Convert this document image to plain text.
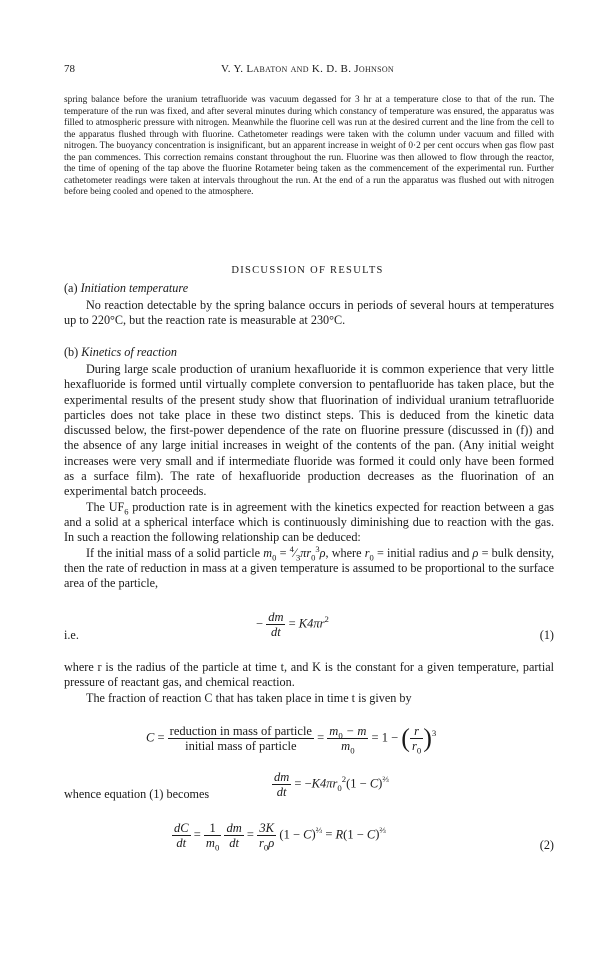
78	V. Y. Labaton and K. D. B. Johnson
spring balance before the uranium tetrafluoride was vacuum degassed for 3 hr at a temperature close to that of the run. The temperature of the run was fixed, and after several minutes during which constancy of temperature was ensured, the apparatus was filled to atmospheric pressure with nitrogen. Meanwhile the fluorine cell was run at the desired current and the line from the cell to the apparatus flushed through with fluorine. Cathetometer readings were taken with the column under vacuum and filled with nitrogen. The buoyancy concentration is insignificant, but an apparent increase in weight of 0·2 per cent occurs when gas flow past the pan commences. This correction remains constant throughout the run. Fluorine was then allowed to flow through the reactor, the time of opening of the tap above the fluorine Rotameter being taken as the commencement of the experimental run. Further cathetometer readings were taken at intervals throughout the run. At the end of a run the apparatus was flushed out with nitrogen before being cooled and opened to the atmosphere.
DISCUSSION OF RESULTS
(a) Initiation temperature

No reaction detectable by the spring balance occurs in periods of several hours at temperatures up to 220°C, but the reaction rate is measurable at 230°C.

(b) Kinetics of reaction

During large scale production of uranium hexafluoride it is common experience that very little hexafluoride is formed until virtually complete conversion to pentafluoride has taken place, but the experimental results of the present study show that fluorination of individual uranium tetrafluoride particles does not take place in these two distinct steps. This is deduced from the kinetic data discussed below, the first-power dependence of the rate on fluorine pressure (discussed in (f)) and the absence of any large initial increases in weight of the contents of the pan. (Any initial weight increases were very small and if intermediate fluoride was formed it could only have been formed as a surface film). The rate of hexafluoride production decreases as the fluorination of an experimental batch proceeds.

The $UF_6$ production rate is in agreement with the kinetics expected for reaction between a gas and a solid at a spherical interface which is continuously diminishing due to reaction with the gas. In such a reaction the following relationship can be deduced:

If the initial mass of a solid particle $m_0$ = $^4⁄_3\pi r_0^3\rho$, where $r_0$ = initial radius and ρ = bulk density, then the rate of reduction in mass at a given temperature is assumed to be proportional to the surface area of the particle,

i.e.
− $\frac{dm}{dt} = K4\pi r^2$
(1)

where r is the radius of the particle at time t, and K is the constant for a given temperature, partial pressure of reactant gas, and chemical reaction.

The fraction of reaction C that has taken place in time t is given by

$C = \frac{\text{reduction in mass of particle}}{\text{initial mass of particle}} = \frac{m_0 - m}{m_0} = 1$ − ( $\frac{r}{r_0} )^3$
whence equation (1) becomes	$\frac{dm}{dt} = -K4\pi r_0^2(1 - C)^{\frac{2}{3}}$
$\frac{dC}{dt} = \frac{1}{m_0}$
$\frac{dm}{dt} = \frac{3K}{r_0\rho} (1 - C)^{\frac{2}{3}} = R(1 - C)^{\frac{2}{3}}$
(2)
